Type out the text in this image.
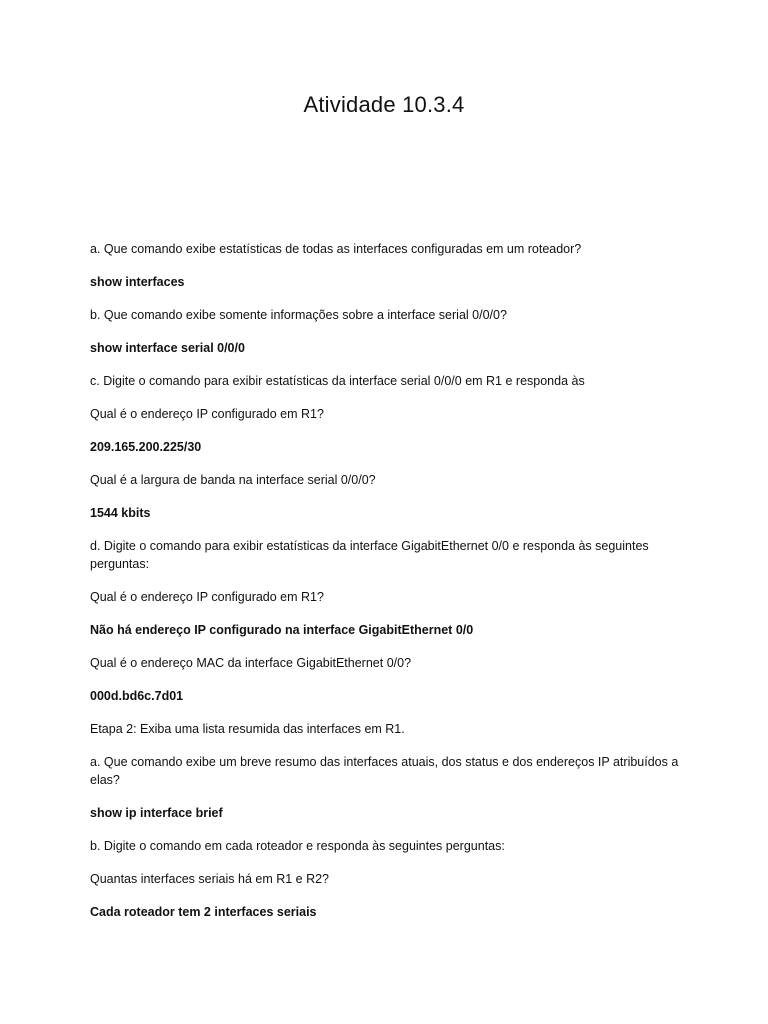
Atividade 10.3.4

a. Que comando exibe estatísticas de todas as interfaces configuradas em um roteador?

show interfaces

b. Que comando exibe somente informações sobre a interface serial 0/0/0?

show interface serial 0/0/0

c. Digite o comando para exibir estatísticas da interface serial 0/0/0 em R1 e responda às

Qual é o endereço IP configurado em R1?

209.165.200.225/30

Qual é a largura de banda na interface serial 0/0/0?

1544 kbits

d. Digite o comando para exibir estatísticas da interface GigabitEthernet 0/0 e responda às seguintes perguntas:

Qual é o endereço IP configurado em R1?

Não há endereço IP configurado na interface GigabitEthernet 0/0

Qual é o endereço MAC da interface GigabitEthernet 0/0?

000d.bd6c.7d01

Etapa 2: Exiba uma lista resumida das interfaces em R1.

a. Que comando exibe um breve resumo das interfaces atuais, dos status e dos endereços IP atribuídos a elas?

show ip interface brief

b. Digite o comando em cada roteador e responda às seguintes perguntas:

Quantas interfaces seriais há em R1 e R2?

Cada roteador tem 2 interfaces seriais
